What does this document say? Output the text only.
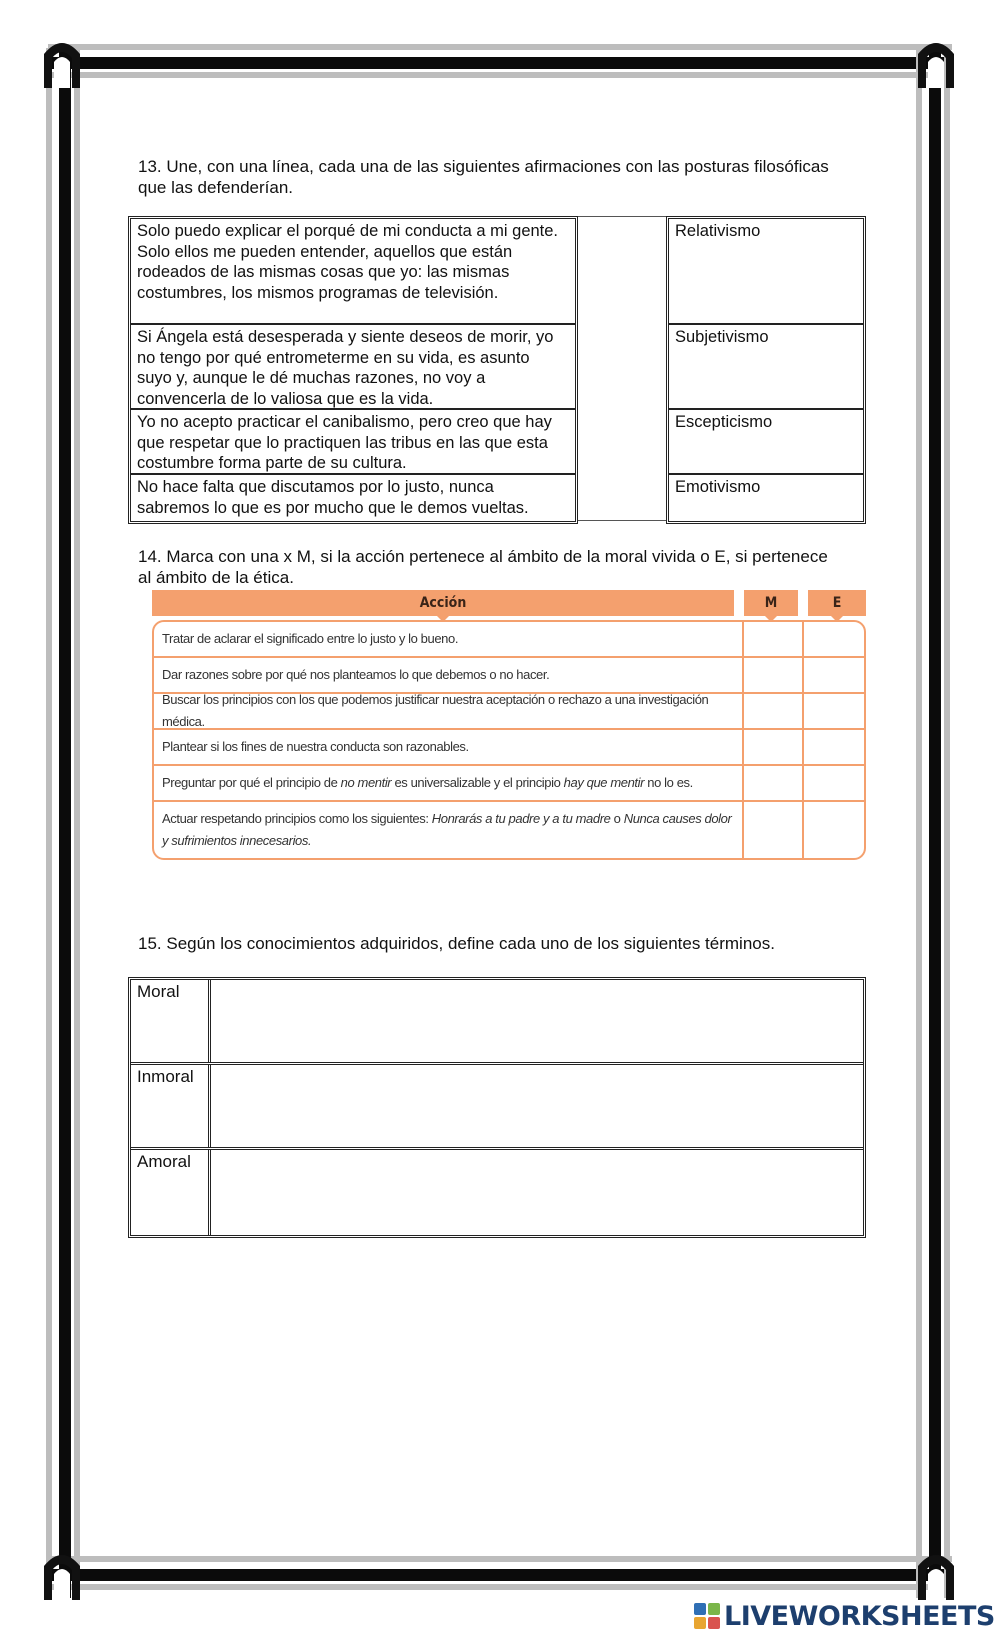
13. Une, con una línea, cada una de las siguientes afirmaciones con las posturas filosóficas que las defenderían.
Solo puedo explicar el porqué de mi conducta a mi gente. Solo ellos me pueden entender, aquellos que están rodeados de las mismas cosas que yo: las mismas costumbres, los mismos programas de televisión.
Si Ángela está desesperada y siente deseos de morir, yo no tengo por qué entrometerme en su vida, es asunto suyo y, aunque le dé muchas razones, no voy a convencerla de lo valiosa que es la vida.
Yo no acepto practicar el canibalismo, pero creo que hay que respetar que lo practiquen las tribus en las que esta costumbre forma parte de su cultura.
No hace falta que discutamos por lo justo, nunca sabremos lo que es por mucho que le demos vueltas.
Relativismo
Subjetivismo
Escepticismo
Emotivismo
14. Marca con una x M, si la acción pertenece al ámbito de la moral vivida o E, si pertenece al ámbito de la ética.
Acción	M	E
Tratar de aclarar el significado entre lo justo y lo bueno.
Dar razones sobre por qué nos planteamos lo que debemos o no hacer.
Buscar los principios con los que podemos justificar nuestra aceptación o rechazo a una investigación médica.
Plantear si los fines de nuestra conducta son razonables.
Preguntar por qué el principio de no mentir es universalizable y el principio hay que mentir no lo es.
Actuar respetando principios como los siguientes: Honrarás a tu padre y a tu madre o Nunca causes dolor y sufrimientos innecesarios.
15. Según los conocimientos adquiridos, define cada uno de los siguientes términos.
Moral
Inmoral
Amoral
LIVEWORKSHEETS
